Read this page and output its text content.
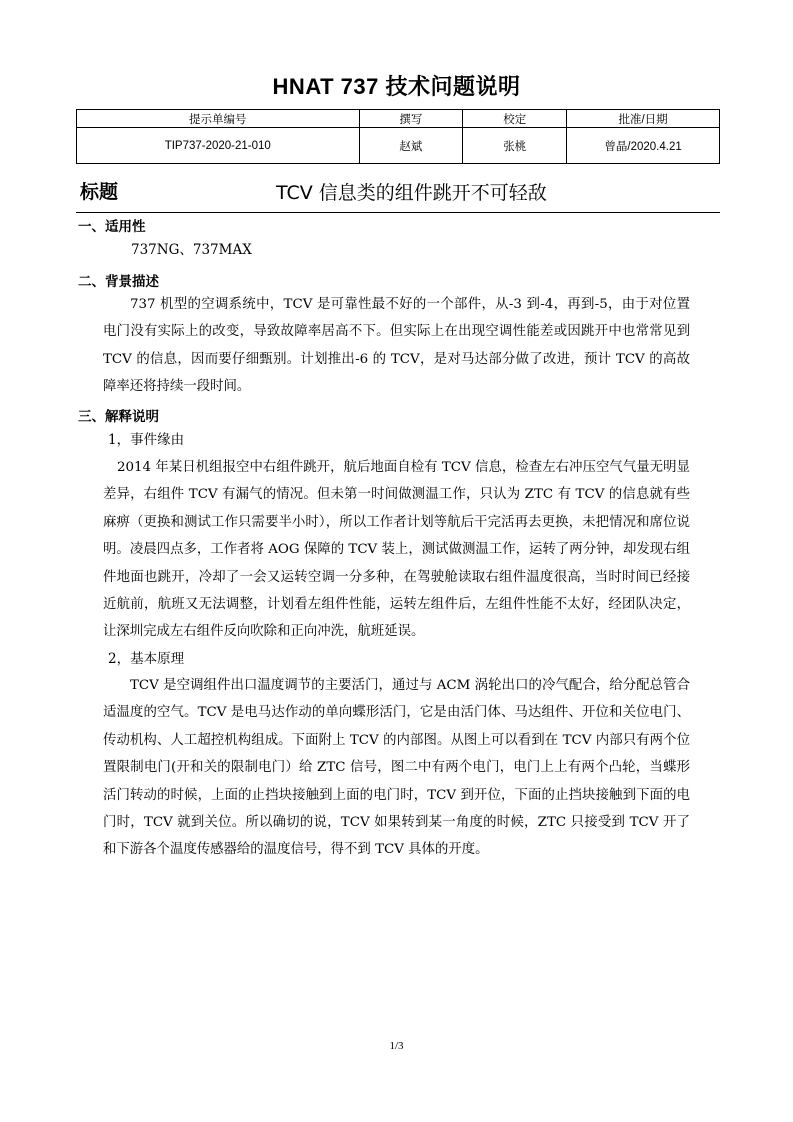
HNAT 737 技术问题说明
提示单编号	撰写	校定	批准/日期
TIP737-2020-21-010	赵斌	张桃	曾晶/2020.4.21
标题	TCV 信息类的组件跳开不可轻敌
一、适用性
737NG、737MAX
二、背景描述
737 机型的空调系统中，TCV 是可靠性最不好的一个部件，从-3 到-4，再到-5，由于对位置电门没有实际上的改变，导致故障率居高不下。但实际上在出现空调性能差或因跳开中也常常见到 TCV 的信息，因而要仔细甄别。计划推出-6 的 TCV，是对马达部分做了改进，预计 TCV 的高故障率还将持续一段时间。
三、解释说明
1，事件缘由
2014 年某日机组报空中右组件跳开，航后地面自检有 TCV 信息，检查左右冲压空气气量无明显差异，右组件 TCV 有漏气的情况。但未第一时间做测温工作，只认为 ZTC 有 TCV 的信息就有些麻痹（更换和测试工作只需要半小时），所以工作者计划等航后干完活再去更换，未把情况和席位说明。凌晨四点多，工作者将 AOG 保障的 TCV 装上，测试做测温工作，运转了两分钟，却发现右组件地面也跳开，冷却了一会又运转空调一分多种，在驾驶舱读取右组件温度很高，当时时间已经接近航前，航班又无法调整，计划看左组件性能，运转左组件后，左组件性能不太好，经团队决定，让深圳完成左右组件反向吹除和正向冲洗，航班延误。
2，基本原理
TCV 是空调组件出口温度调节的主要活门，通过与 ACM 涡轮出口的冷气配合，给分配总管合适温度的空气。TCV 是电马达作动的单向蝶形活门，它是由活门体、马达组件、开位和关位电门、传动机构、人工超控机构组成。下面附上 TCV 的内部图。从图上可以看到在 TCV 内部只有两个位置限制电门(开和关的限制电门）给 ZTC 信号，图二中有两个电门，电门上上有两个凸轮，当蝶形活门转动的时候，上面的止挡块接触到上面的电门时，TCV 到开位，下面的止挡块接触到下面的电门时，TCV 就到关位。所以确切的说，TCV 如果转到某一角度的时候，ZTC 只接受到 TCV 开了和下游各个温度传感器给的温度信号，得不到 TCV 具体的开度。
1/3
